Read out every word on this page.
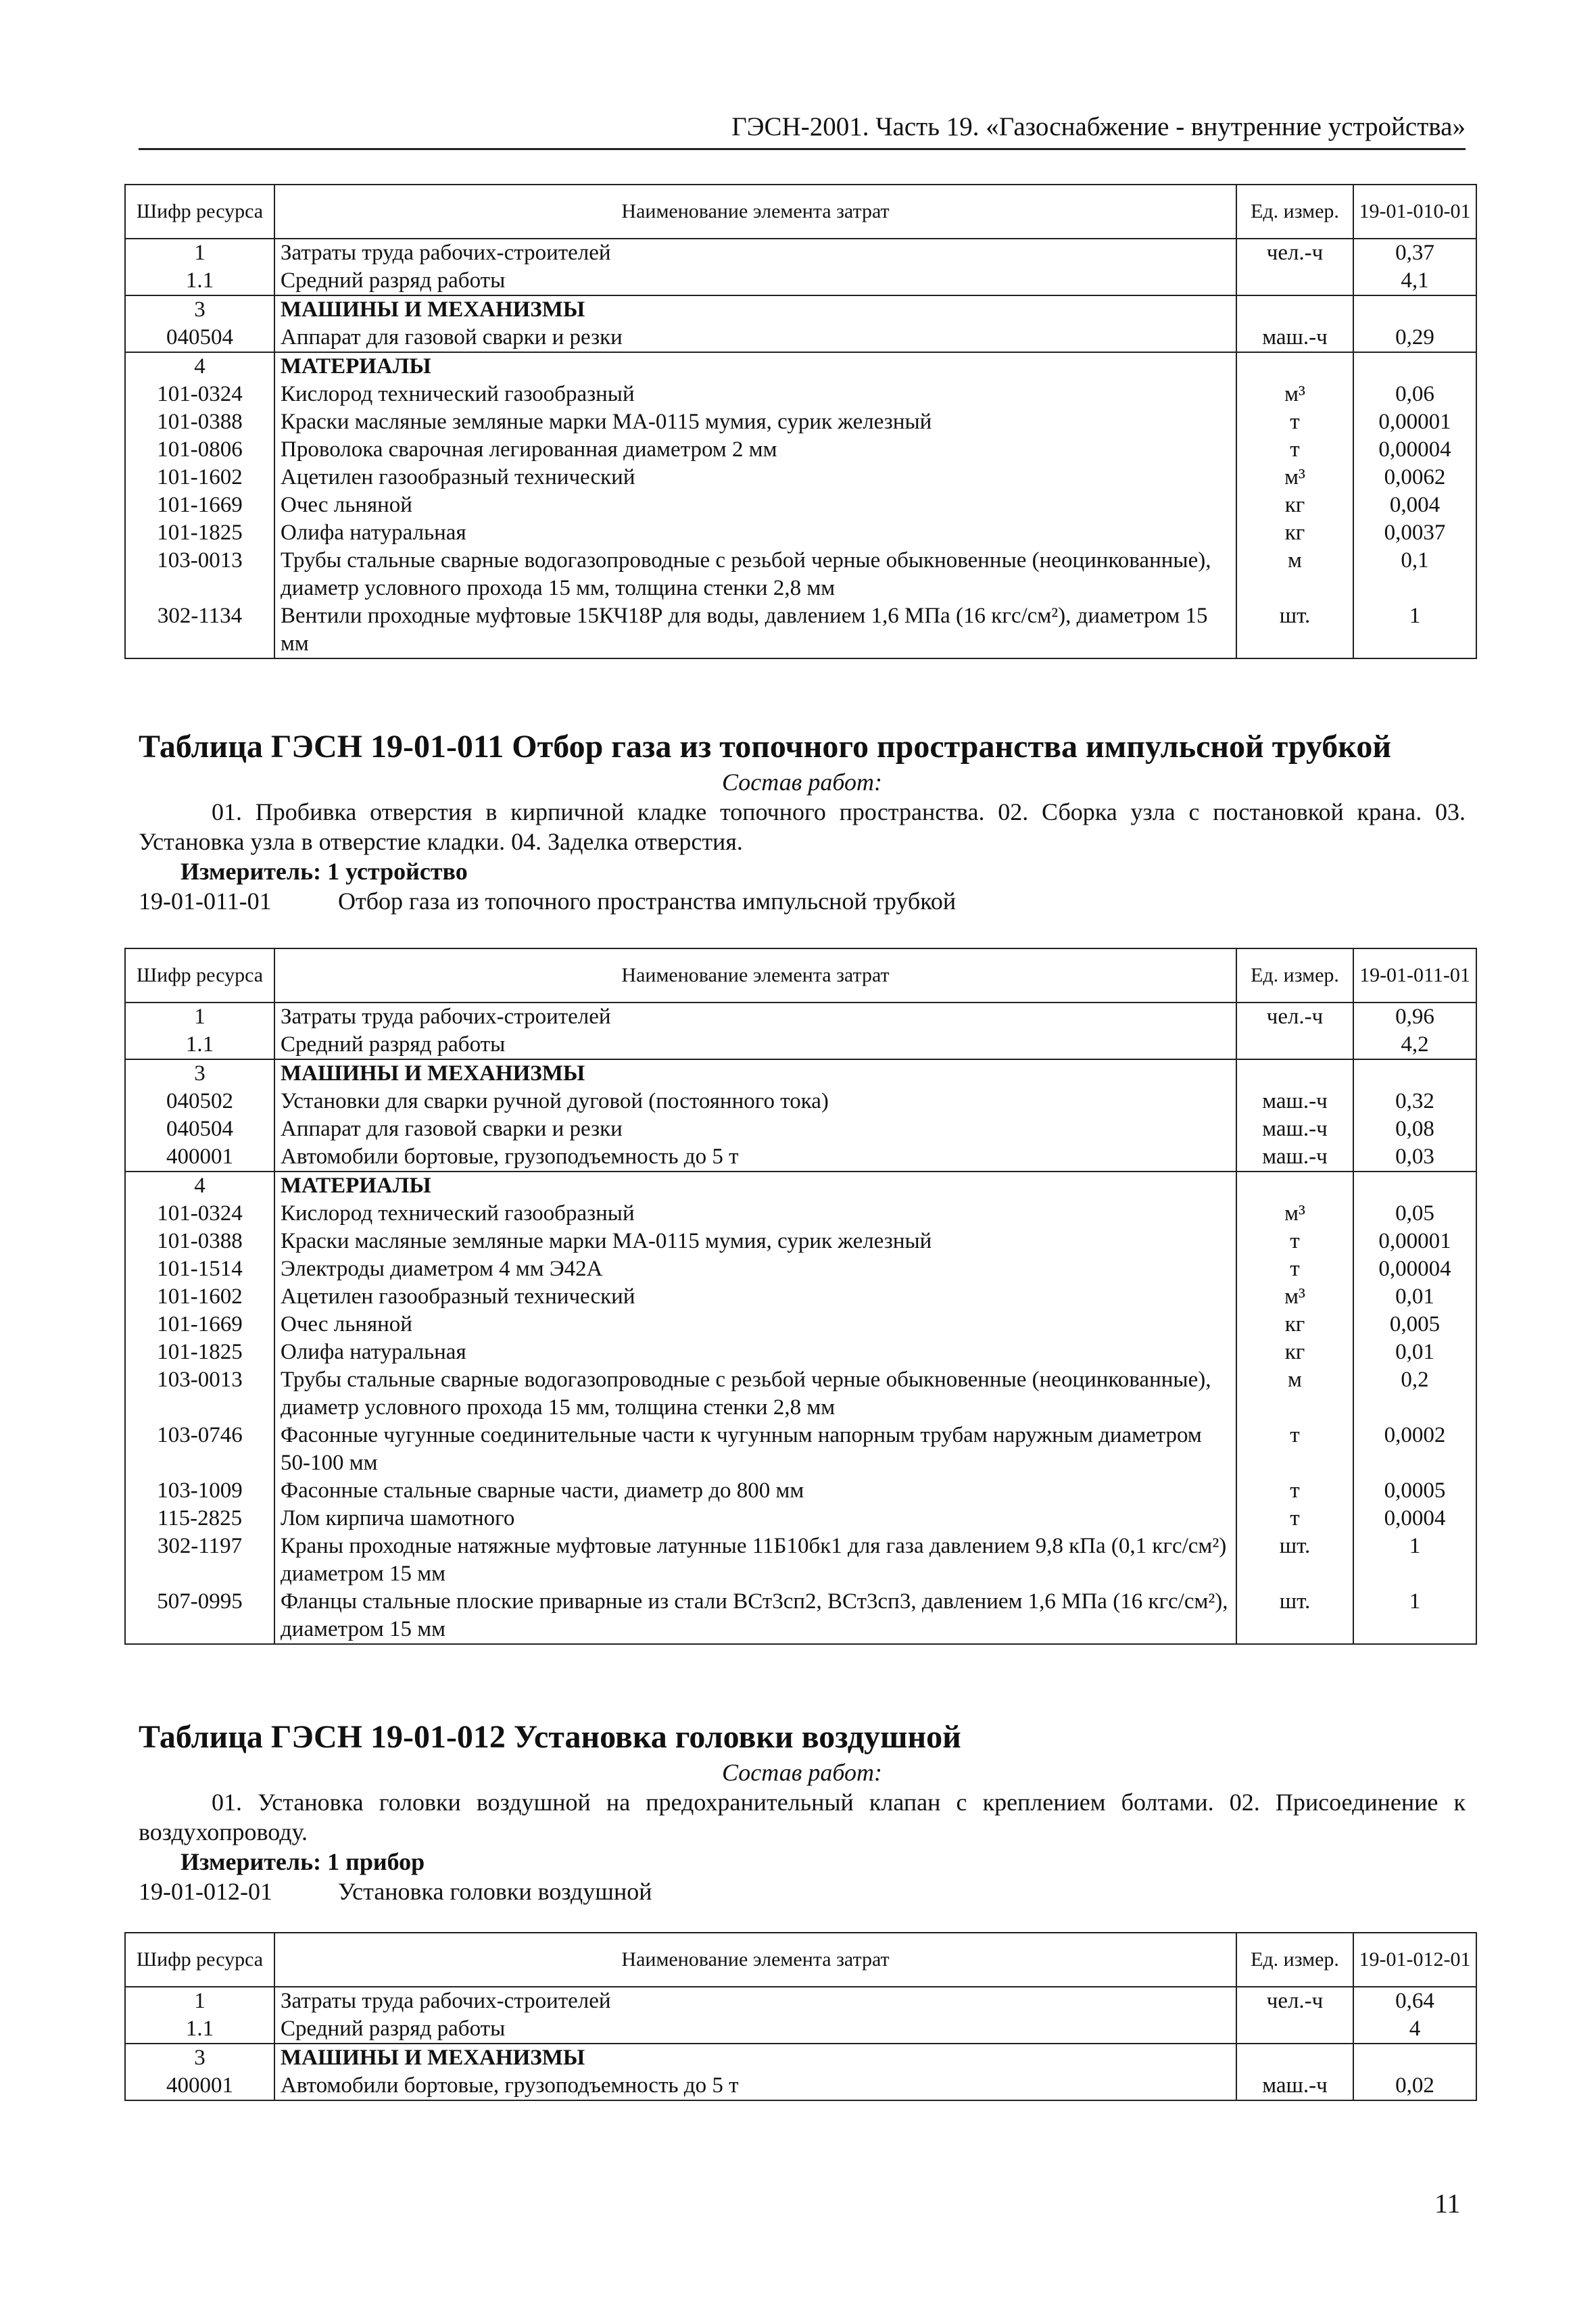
ГЭСН-2001. Часть 19. «Газоснабжение - внутренние устройства»
Шифр ресурса	Наименование элемента затрат	Ед. измер.	19-01-010-01
1	Затраты труда рабочих-строителей	чел.-ч	0,37
1.1	Средний разряд работы		4,1
3	МАШИНЫ И МЕХАНИЗМЫ		
040504	Аппарат для газовой сварки и резки	маш.-ч	0,29
4	МАТЕРИАЛЫ		
101-0324	Кислород технический газообразный	м³	0,06
101-0388	Краски масляные земляные марки МА-0115 мумия, сурик железный	т	0,00001
101-0806	Проволока сварочная легированная диаметром 2 мм	т	0,00004
101-1602	Ацетилен газообразный технический	м³	0,0062
101-1669	Очес льняной	кг	0,004
101-1825	Олифа натуральная	кг	0,0037
103-0013	Трубы стальные сварные водогазопроводные с резьбой черные обыкновенные (неоцинкованные), диаметр условного прохода 15 мм, толщина стенки 2,8 мм	м	0,1
302-1134	Вентили проходные муфтовые 15КЧ18Р для воды, давлением 1,6 МПа (16 кгс/см²), диаметром 15 мм	шт.	1
Таблица ГЭСН 19-01-011 Отбор газа из топочного пространства импульсной трубкой
Состав работ:

01. Пробивка отверстия в кирпичной кладке топочного пространства. 02. Сборка узла с постановкой крана. 03. Установка узла в отверстие кладки. 04. Заделка отверстия.

Измеритель: 1 устройство
19-01-011-01	Отбор газа из топочного пространства импульсной трубкой
Шифр ресурса	Наименование элемента затрат	Ед. измер.	19-01-011-01
1	Затраты труда рабочих-строителей	чел.-ч	0,96
1.1	Средний разряд работы		4,2
3	МАШИНЫ И МЕХАНИЗМЫ		
040502	Установки для сварки ручной дуговой (постоянного тока)	маш.-ч	0,32
040504	Аппарат для газовой сварки и резки	маш.-ч	0,08
400001	Автомобили бортовые, грузоподъемность до 5 т	маш.-ч	0,03
4	МАТЕРИАЛЫ		
101-0324	Кислород технический газообразный	м³	0,05
101-0388	Краски масляные земляные марки МА-0115 мумия, сурик железный	т	0,00001
101-1514	Электроды диаметром 4 мм Э42А	т	0,00004
101-1602	Ацетилен газообразный технический	м³	0,01
101-1669	Очес льняной	кг	0,005
101-1825	Олифа натуральная	кг	0,01
103-0013	Трубы стальные сварные водогазопроводные с резьбой черные обыкновенные (неоцинкованные), диаметр условного прохода 15 мм, толщина стенки 2,8 мм	м	0,2
103-0746	Фасонные чугунные соединительные части к чугунным напорным трубам наружным диаметром 50-100 мм	т	0,0002
103-1009	Фасонные стальные сварные части, диаметр до 800 мм	т	0,0005
115-2825	Лом кирпича шамотного	т	0,0004
302-1197	Краны проходные натяжные муфтовые латунные 11Б10бк1 для газа давлением 9,8 кПа (0,1 кгс/см²) диаметром 15 мм	шт.	1
507-0995	Фланцы стальные плоские приварные из стали ВСт3сп2, ВСт3сп3, давлением 1,6 МПа (16 кгс/см²), диаметром 15 мм	шт.	1
Таблица ГЭСН 19-01-012 Установка головки воздушной
Состав работ:

01. Установка головки воздушной на предохранительный клапан с креплением болтами. 02. Присоединение к воздухопроводу.

Измеритель: 1 прибор
19-01-012-01	Установка головки воздушной
Шифр ресурса	Наименование элемента затрат	Ед. измер.	19-01-012-01
1	Затраты труда рабочих-строителей	чел.-ч	0,64
1.1	Средний разряд работы		4
3	МАШИНЫ И МЕХАНИЗМЫ		
400001	Автомобили бортовые, грузоподъемность до 5 т	маш.-ч	0,02
11
